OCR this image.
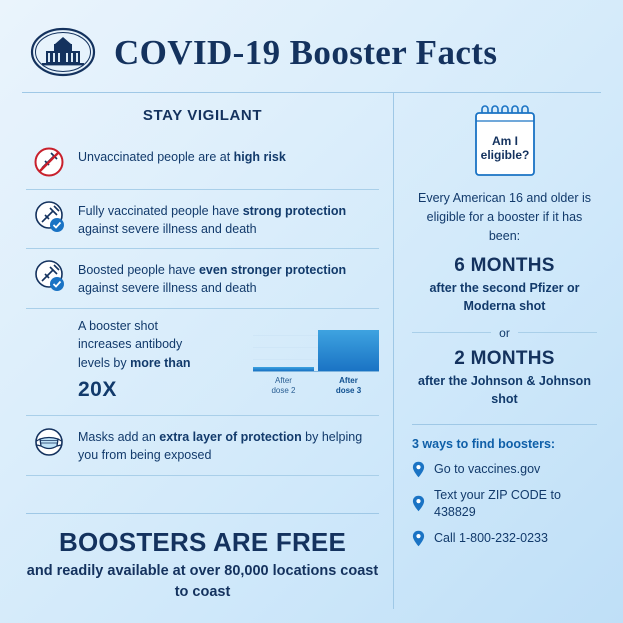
COVID-19 Booster Facts
STAY VIGILANT
Unvaccinated people are at high risk
Fully vaccinated people have strong protection against severe illness and death
Boosted people have even stronger protection against severe illness and death
A booster shot
increases antibody
levels by more than
20X	After
dose 2
After
dose 3
Masks add an extra layer of protection by helping you from being exposed
BOOSTERS ARE FREE
and readily available at over 80,000 locations coast to coast
Am I
eligible?
Every American 16 and older is eligible for a booster if it has been:
6 MONTHS
after the second Pfizer or Moderna shot
or
2 MONTHS
after the Johnson & Johnson shot
3 ways to find boosters:
Go to vaccines.gov
Text your ZIP CODE to 438829
Call 1-800-232-0233
